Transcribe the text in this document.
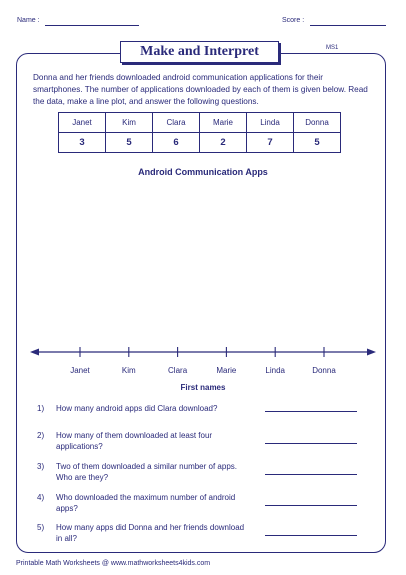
Name :	Score :
Make and Interpret	MS1
Donna and her friends downloaded android communication applications for their smartphones. The number of applications downloaded by each of them is given below. Read the data, make a line plot, and answer the following questions.
Janet	Kim	Clara	Marie	Linda	Donna
3	5	6	2	7	5
Android Communication Apps
Janet	Kim	Clara	Marie	Linda	Donna
First names
1) How many android apps did Clara download?
2) How many of them downloaded at least four applications?
3) Two of them downloaded a similar number of apps. Who are they?
4) Who downloaded the maximum number of android apps?
5) How many apps did Donna and her friends download in all?
Printable Math Worksheets @ www.mathworksheets4kids.com
